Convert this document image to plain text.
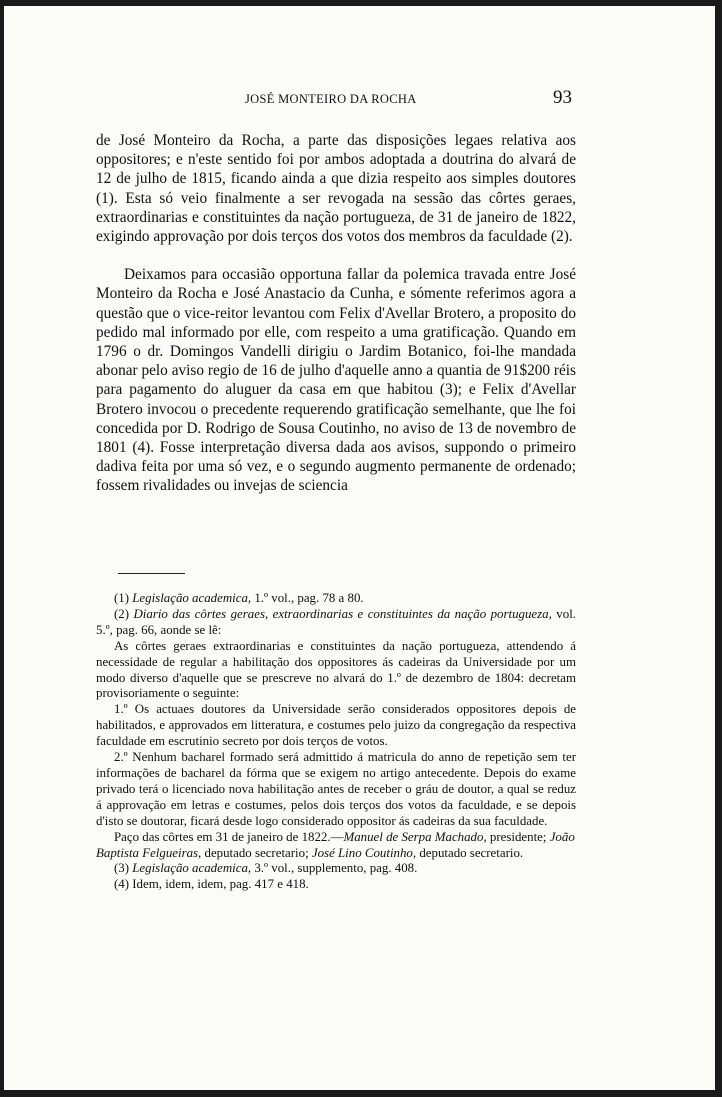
JOSÉ MONTEIRO DA ROCHA	93

de José Monteiro da Rocha, a parte das disposições legaes relativa aos oppositores; e n'este sentido foi por ambos adoptada a doutrina do alvará de 12 de julho de 1815, ficando ainda a que dizia respeito aos simples doutores (1). Esta só veio finalmente a ser revogada na sessão das côrtes geraes, extraordinarias e constituintes da nação portugueza, de 31 de janeiro de 1822, exigindo approvação por dois terços dos votos dos membros da faculdade (2).

Deixamos para occasião opportuna fallar da polemica travada entre José Monteiro da Rocha e José Anastacio da Cunha, e sómente referimos agora a questão que o vice-reitor levantou com Felix d'Avellar Brotero, a proposito do pedido mal informado por elle, com respeito a uma gratificação. Quando em 1796 o dr. Domingos Vandelli dirigiu o Jardim Botanico, foi-lhe mandada abonar pelo aviso regio de 16 de julho d'aquelle anno a quantia de 91$200 réis para pagamento do aluguer da casa em que habitou (3); e Felix d'Avellar Brotero invocou o precedente requerendo gratificação semelhante, que lhe foi concedida por D. Rodrigo de Sousa Coutinho, no aviso de 13 de novembro de 1801 (4). Fosse interpretação diversa dada aos avisos, suppondo o primeiro dadiva feita por uma só vez, e o segundo augmento permanente de ordenado; fossem rivalidades ou invejas de sciencia

(1) Legislação academica, 1.º vol., pag. 78 a 80.

(2) Diario das côrtes geraes, extraordinarias e constituintes da nação portugueza, vol. 5.º, pag. 66, aonde se lê:

As côrtes geraes extraordinarias e constituintes da nação portugueza, attendendo á necessidade de regular a habilitação dos oppositores ás cadeiras da Universidade por um modo diverso d'aquelle que se prescreve no alvará do 1.º de dezembro de 1804: decretam provisoriamente o seguinte:

1.º Os actuaes doutores da Universidade serão considerados oppositores depois de habilitados, e approvados em litteratura, e costumes pelo juizo da congregação da respectiva faculdade em escrutinio secreto por dois terços de votos.

2.º Nenhum bacharel formado será admittido á matricula do anno de repetição sem ter informações de bacharel da fórma que se exigem no artigo antecedente. Depois do exame privado terá o licenciado nova habilitação antes de receber o gráu de doutor, a qual se reduz á approvação em letras e costumes, pelos dois terços dos votos da faculdade, e se depois d'isto se doutorar, ficará desde logo considerado oppositor ás cadeiras da sua faculdade.

Paço das côrtes em 31 de janeiro de 1822.—Manuel de Serpa Machado, presidente; João Baptista Felgueiras, deputado secretario; José Lino Coutinho, deputado secretario.

(3) Legislação academica, 3.º vol., supplemento, pag. 408.

(4) Idem, idem, idem, pag. 417 e 418.
